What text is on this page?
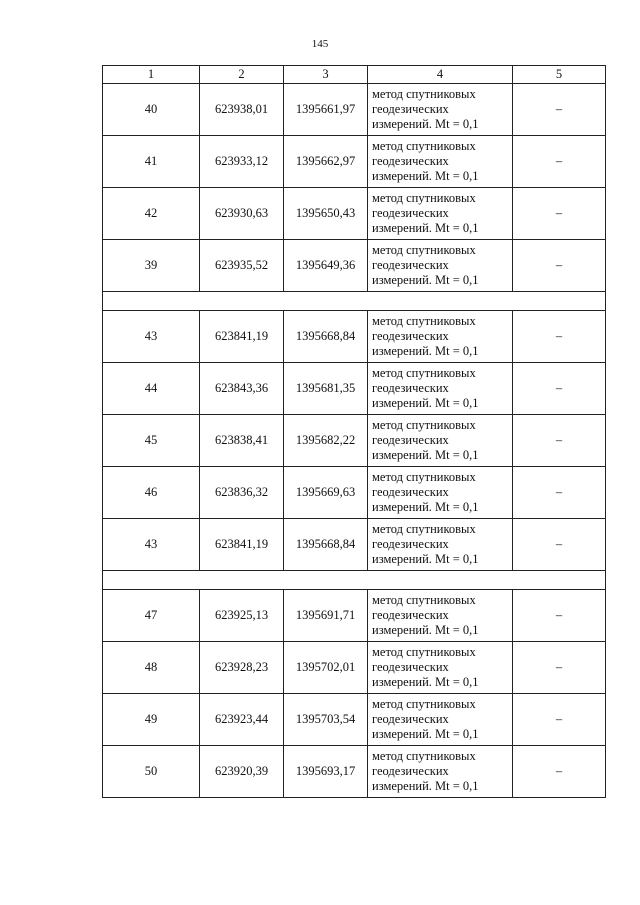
145
1	2	3	4	5
40	623938,01	1395661,97	метод спутниковых
геодезических
измерений. Mt = 0,1	–
41	623933,12	1395662,97	метод спутниковых
геодезических
измерений. Mt = 0,1	–
42	623930,63	1395650,43	метод спутниковых
геодезических
измерений. Mt = 0,1	–
39	623935,52	1395649,36	метод спутниковых
геодезических
измерений. Mt = 0,1	–

43	623841,19	1395668,84	метод спутниковых
геодезических
измерений. Mt = 0,1	–
44	623843,36	1395681,35	метод спутниковых
геодезических
измерений. Mt = 0,1	–
45	623838,41	1395682,22	метод спутниковых
геодезических
измерений. Mt = 0,1	–
46	623836,32	1395669,63	метод спутниковых
геодезических
измерений. Mt = 0,1	–
43	623841,19	1395668,84	метод спутниковых
геодезических
измерений. Mt = 0,1	–

47	623925,13	1395691,71	метод спутниковых
геодезических
измерений. Mt = 0,1	–
48	623928,23	1395702,01	метод спутниковых
геодезических
измерений. Mt = 0,1	–
49	623923,44	1395703,54	метод спутниковых
геодезических
измерений. Mt = 0,1	–
50	623920,39	1395693,17	метод спутниковых
геодезических
измерений. Mt = 0,1	–
